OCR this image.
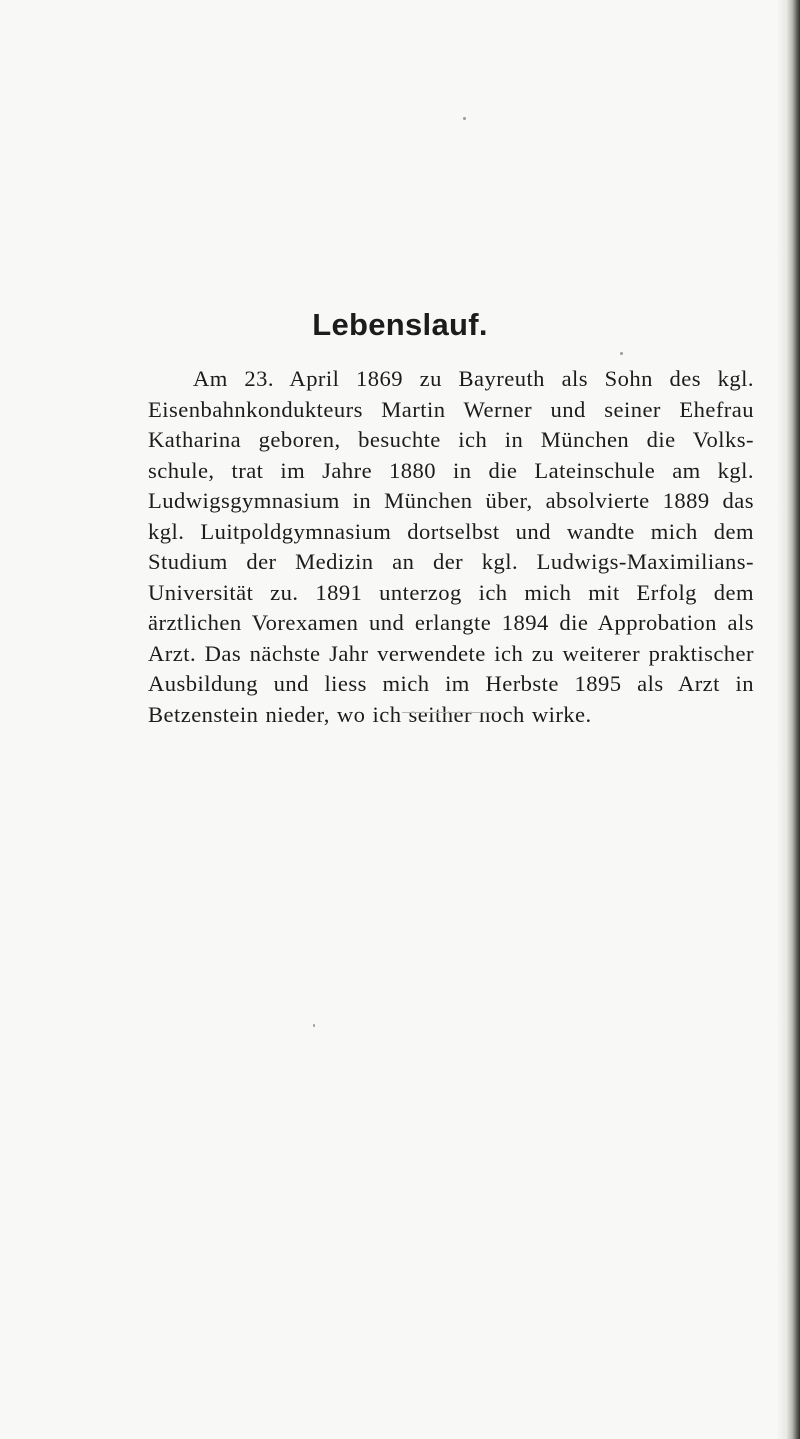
Lebenslauf.

Am 23. April 1869 zu Bayreuth als Sohn des kgl. Eisenbahnkondukteurs Martin Werner und seiner Ehefrau Katharina geboren, besuchte ich in München die Volks- schule, trat im Jahre 1880 in die Lateinschule am kgl. Ludwigsgymnasium in München über, absolvierte 1889 das kgl. Luitpoldgymnasium dortselbst und wandte mich dem Studium der Medizin an der kgl. Ludwigs-Maximilians- Universität zu. 1891 unterzog ich mich mit Erfolg dem ärztlichen Vorexamen und erlangte 1894 die Approbation als Arzt. Das nächste Jahr verwendete ich zu weiterer praktischer Ausbildung und liess mich im Herbste 1895 als Arzt in Betzenstein nieder, wo ich seither noch wirke.
